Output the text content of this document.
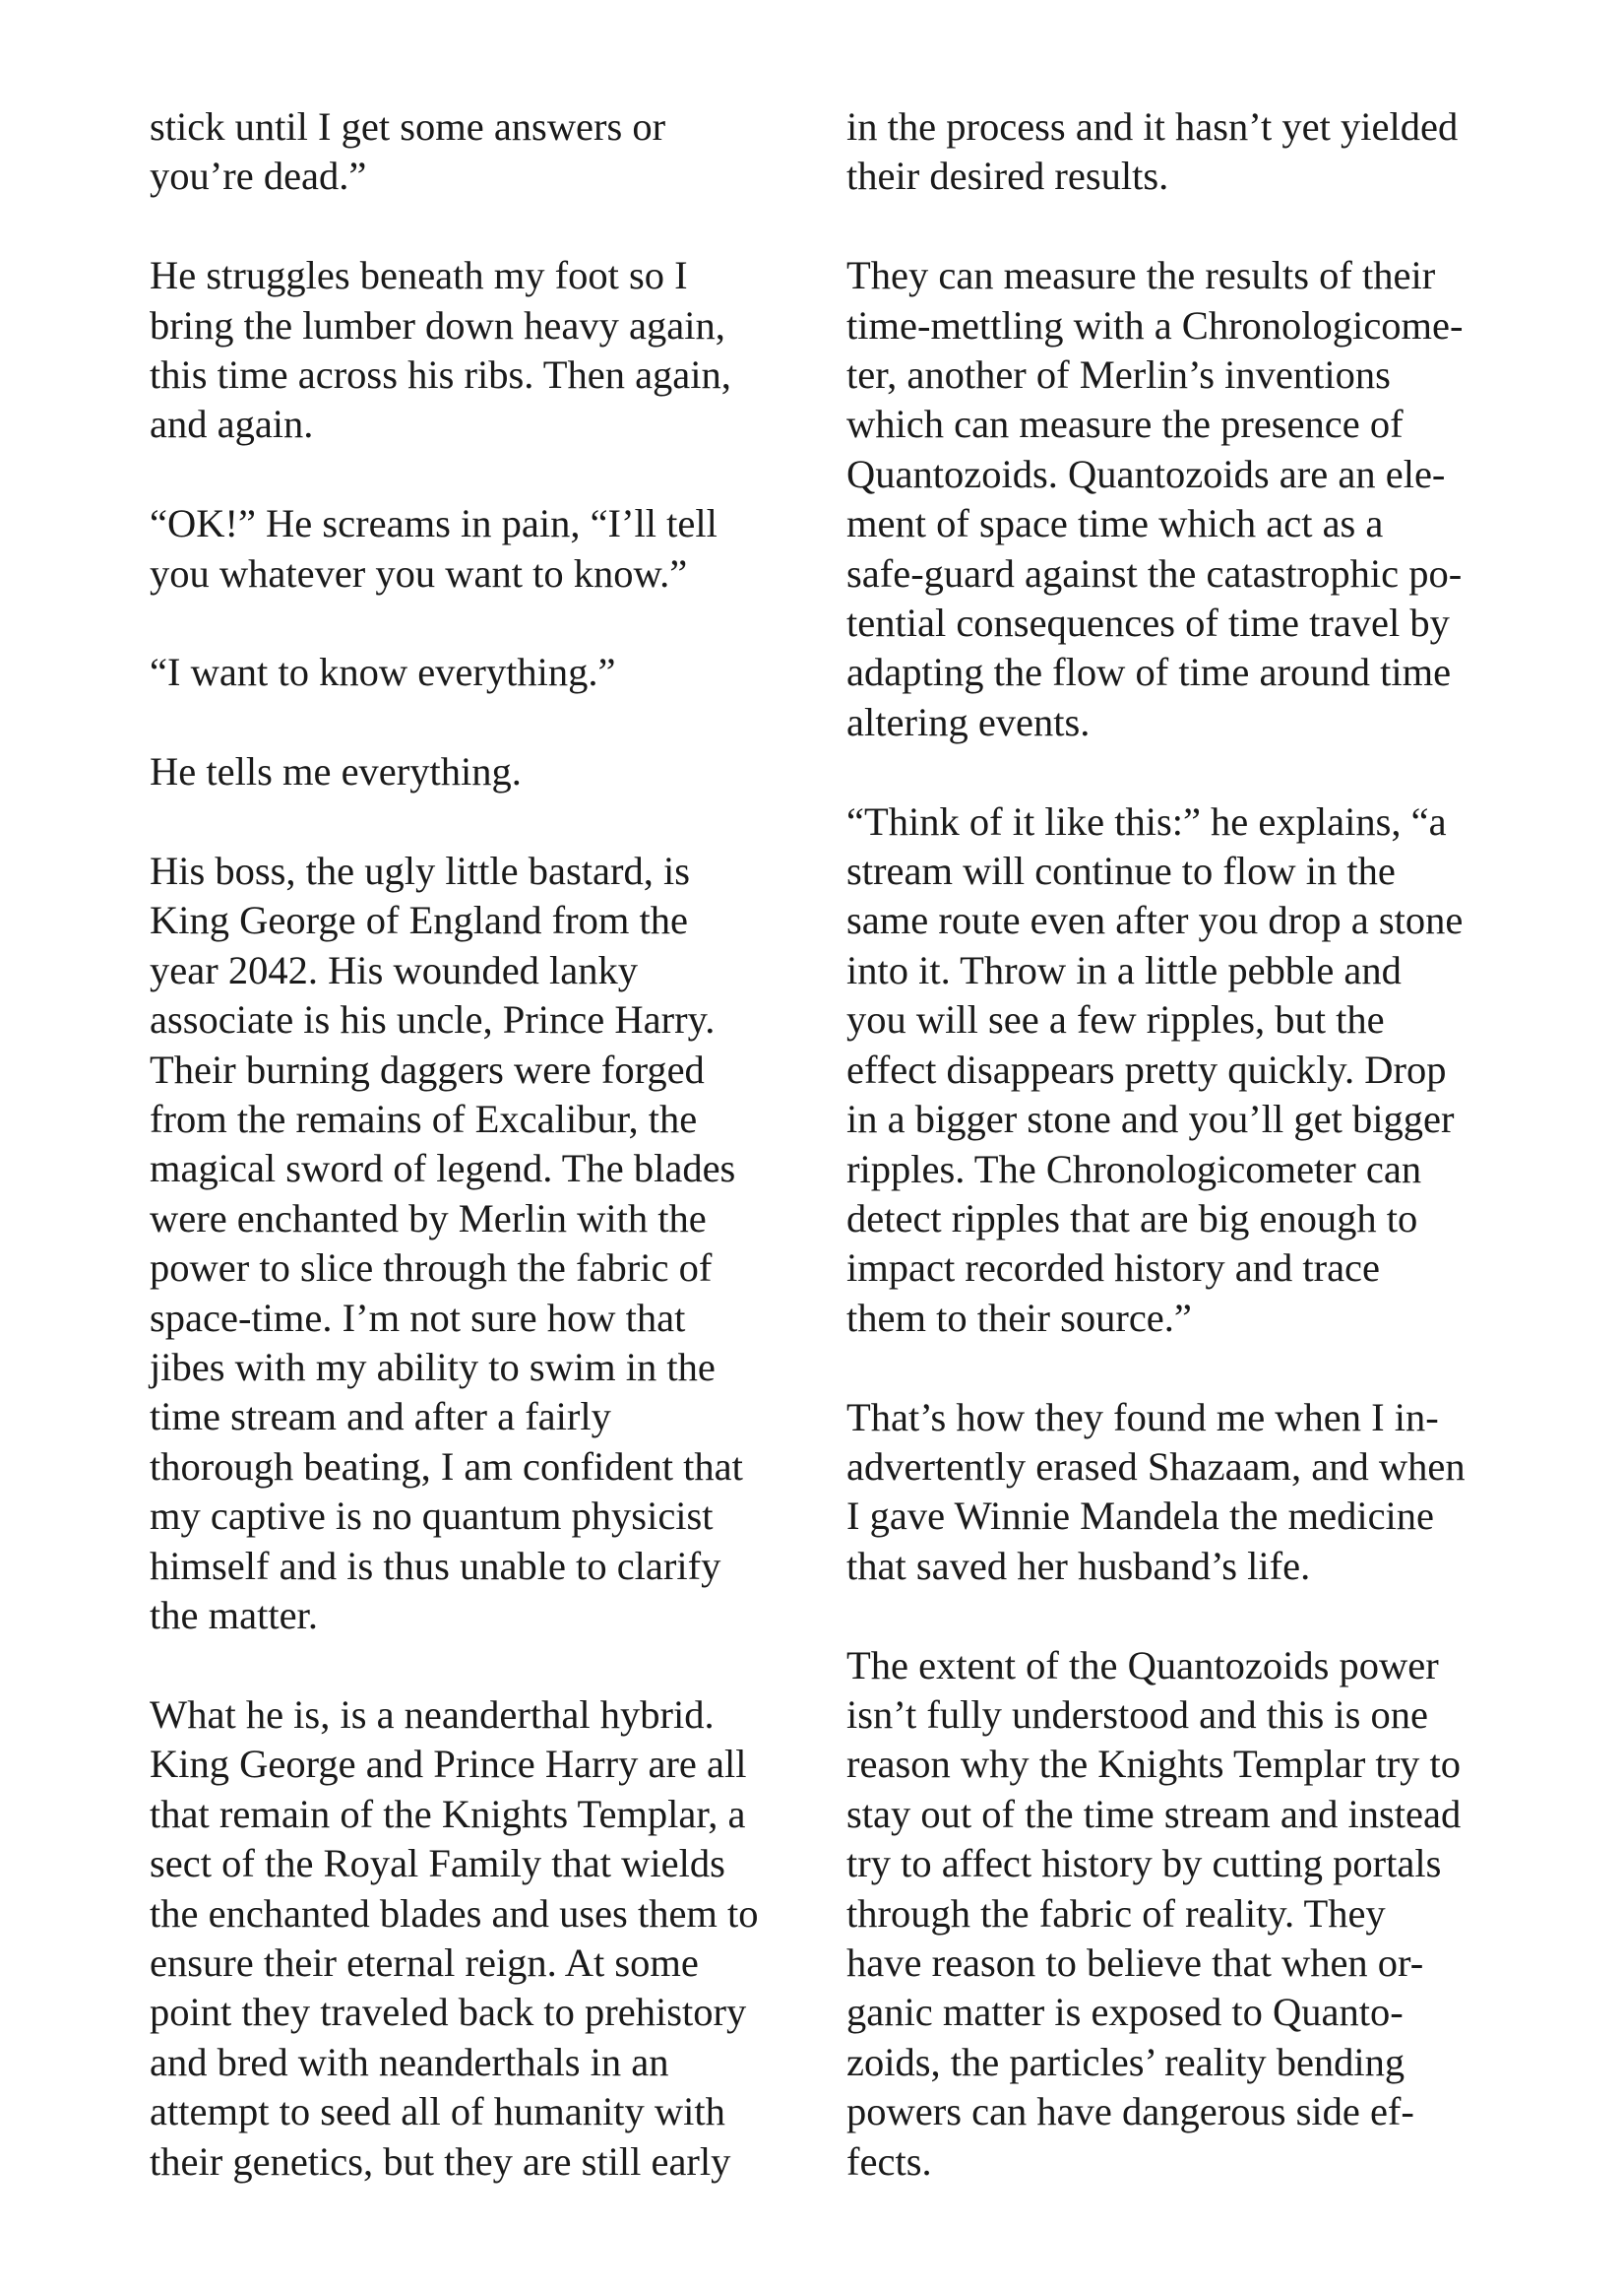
stick until I get some answers or
you’re dead.”

He struggles beneath my foot so I
bring the lumber down heavy again,
this time across his ribs. Then again,
and again.

“OK!” He screams in pain, “I’ll tell
you whatever you want to know.”

“I want to know everything.”

He tells me everything.

His boss, the ugly little bastard, is
King George of England from the
year 2042. His wounded lanky
associate is his uncle, Prince Harry.
Their burning daggers were forged
from the remains of Excalibur, the
magical sword of legend. The blades
were enchanted by Merlin with the
power to slice through the fabric of
space-time. I’m not sure how that
jibes with my ability to swim in the
time stream and after a fairly
thorough beating, I am confident that
my captive is no quantum physicist
himself and is thus unable to clarify
the matter.

What he is, is a neanderthal hybrid.
King George and Prince Harry are all
that remain of the Knights Templar, a
sect of the Royal Family that wields
the enchanted blades and uses them to
ensure their eternal reign. At some
point they traveled back to prehistory
and bred with neanderthals in an
attempt to seed all of humanity with
their genetics, but they are still early

in the process and it hasn’t yet yielded
their desired results.

They can measure the results of their
time-mettling with a Chronologicome-
ter, another of Merlin’s inventions
which can measure the presence of
Quantozoids. Quantozoids are an ele-
ment of space time which act as a
safe-guard against the catastrophic po-
tential consequences of time travel by
adapting the flow of time around time
altering events.

“Think of it like this:” he explains, “a
stream will continue to flow in the
same route even after you drop a stone
into it. Throw in a little pebble and
you will see a few ripples, but the
effect disappears pretty quickly. Drop
in a bigger stone and you’ll get bigger
ripples. The Chronologicometer can
detect ripples that are big enough to
impact recorded history and trace
them to their source.”

That’s how they found me when I in-
advertently erased Shazaam, and when
I gave Winnie Mandela the medicine
that saved her husband’s life.

The extent of the Quantozoids power
isn’t fully understood and this is one
reason why the Knights Templar try to
stay out of the time stream and instead
try to affect history by cutting portals
through the fabric of reality. They
have reason to believe that when or-
ganic matter is exposed to Quanto-
zoids, the particles’ reality bending
powers can have dangerous side ef-
fects.
